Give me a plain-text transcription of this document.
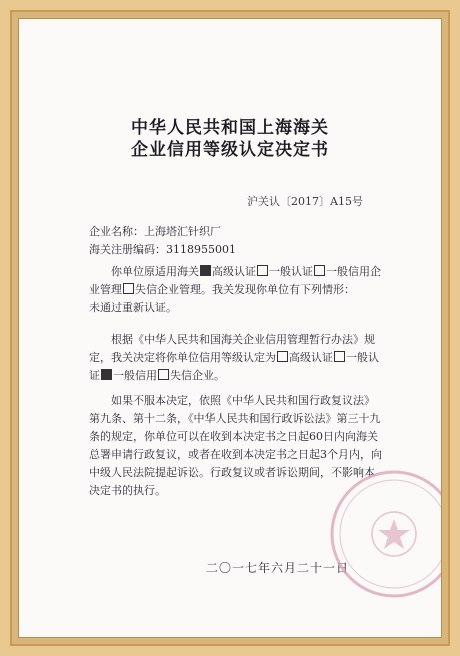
中华人民共和国上海海关
企业信用等级认定决定书
沪关认〔2017〕A15号
企业名称：上海塔汇针织厂
海关注册编码：3118955001
你单位原适用海关 高级认证 一般认证 一般信用企业管理 失信企业管理。我关发现你单位有下列情形：
未通过重新认证。
根据《中华人民共和国海关企业信用管理暂行办法》规定，我关决定将你单位信用等级认定为 高级认证 一般认证 一般信用 失信企业。
如果不服本决定，依照《中华人民共和国行政复议法》第九条、第十二条，《中华人民共和国行政诉讼法》第三十九条的规定，你单位可以在收到本决定书之日起60日内向海关总署申请行政复议，或者在收到本决定书之日起3个月内，向中级人民法院提起诉讼。行政复议或者诉讼期间，不影响本决定书的执行。
二〇一七年六月二十一日
